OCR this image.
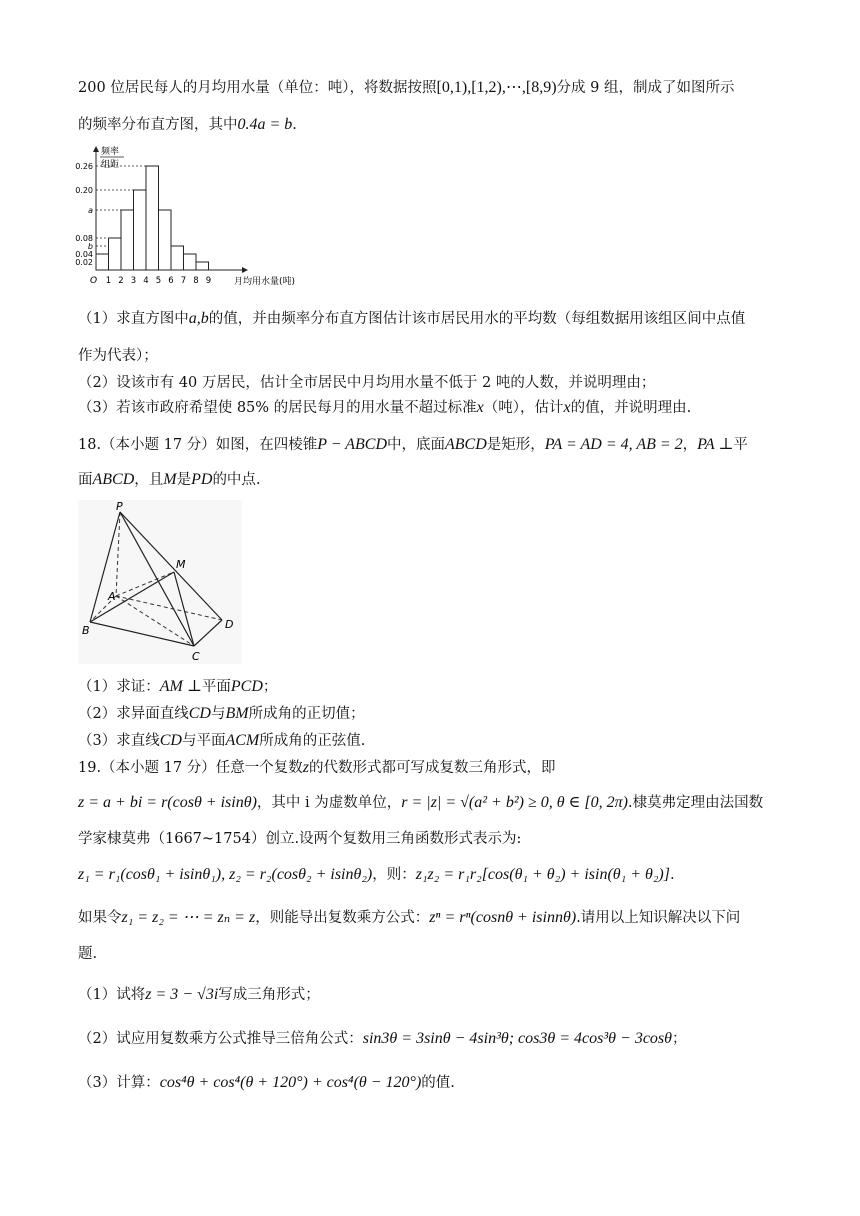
200 位居民每人的月均用水量（单位：吨），将数据按照[0,1),[1,2),⋯,[8,9)分成 9 组，制成了如图所示
的频率分布直方图，其中0.4a = b.
频率
组距
O 1 2 3 4 5 6 7 8 9
0.26
0.20
a
0.08
b
0.04
0.02
月均用水量(吨)
（1）求直方图中a,b的值，并由频率分布直方图估计该市居民用水的平均数（每组数据用该组区间中点值
作为代表）；
（2）设该市有 40 万居民，估计全市居民中月均用水量不低于 2 吨的人数，并说明理由；
（3）若该市政府希望使 85% 的居民每月的用水量不超过标准x（吨），估计x的值，并说明理由.
18.（本小题 17 分）如图，在四棱锥P − ABCD中，底面ABCD是矩形，PA = AD = 4, AB = 2，PA ⊥平
面ABCD，且M是PD的中点.
P
M
A
B
C
D
（1）求证：AM ⊥平面PCD；
（2）求异面直线CD与BM所成角的正切值；
（3）求直线CD与平面ACM所成角的正弦值.
19.（本小题 17 分）任意一个复数z的代数形式都可写成复数三角形式，即
z = a + bi = r(cosθ + isinθ)，其中 i 为虚数单位，r = |z| = √(a² + b²) ≥ 0, θ ∈ [0, 2π).棣莫弗定理由法国数
学家棣莫弗（1667~1754）创立.设两个复数用三角函数形式表示为:
z₁ = r₁(cosθ₁ + isinθ₁), z₂ = r₂(cosθ₂ + isinθ₂)，则：z₁z₂ = r₁r₂[cos(θ₁ + θ₂) + isin(θ₁ + θ₂)].
如果令z₁ = z₂ = ⋯ = zₙ = z，则能导出复数乘方公式：zⁿ = rⁿ(cosnθ + isinnθ).请用以上知识解决以下问
题.
（1）试将z = 3 − √3i写成三角形式；
（2）试应用复数乘方公式推导三倍角公式：sin3θ = 3sinθ − 4sin³θ; cos3θ = 4cos³θ − 3cosθ；
（3）计算：cos⁴θ + cos⁴(θ + 120°) + cos⁴(θ − 120°)的值.
